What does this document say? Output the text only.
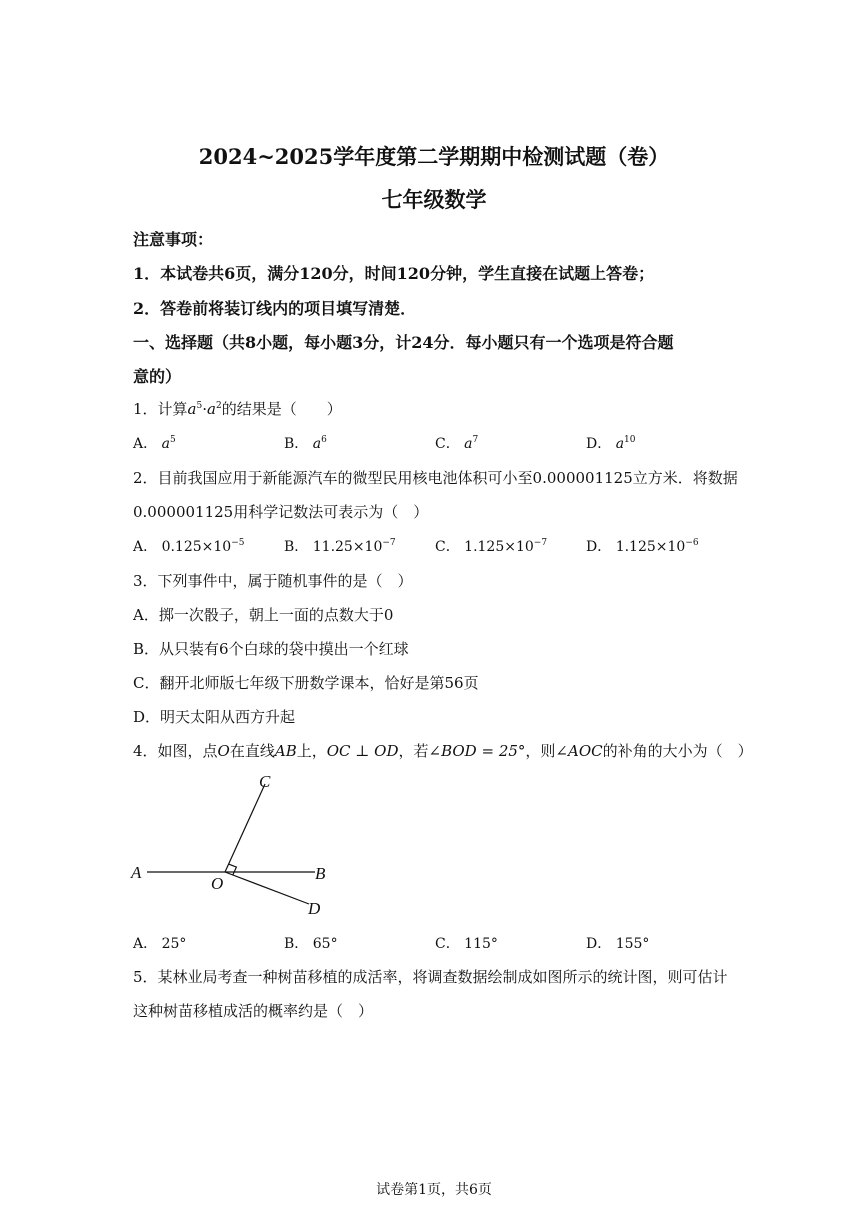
2024~2025学年度第二学期期中检测试题（卷）
七年级数学
注意事项：
1．本试卷共6页，满分120分，时间120分钟，学生直接在试题上答卷；
2．答卷前将装订线内的项目填写清楚．
一、选择题（共8小题，每小题3分，计24分．每小题只有一个选项是符合题
意的）
1．计算$a^5\cdot a^2$的结果是（　　）
A． $a^5$	B． $a^6$	C． $a^7$	D． $a^{10}$
2．目前我国应用于新能源汽车的微型民用核电池体积可小至0.000001125立方米．将数据
0.000001125用科学记数法可表示为（　）
A． $0.125\times 10^{-5}$	B． $11.25\times 10^{-7}$	C． $1.125\times 10^{-7}$	D． $1.125\times 10^{-6}$
3．下列事件中，属于随机事件的是（　）
A．掷一次骰子，朝上一面的点数大于0
B．从只装有6个白球的袋中摸出一个红球
C．翻开北师版七年级下册数学课本，恰好是第56页
D．明天太阳从西方升起
4．如图，点O在直线AB上，OC ⊥ OD，若∠BOD = 25°，则∠AOC的补角的大小为（　）
C
A	B
O
D
A． 25°	B． 65°	C． 115°	D． 155°
5．某林业局考查一种树苗移植的成活率，将调查数据绘制成如图所示的统计图，则可估计
这种树苗移植成活的概率约是（　）
试卷第1页，共6页
